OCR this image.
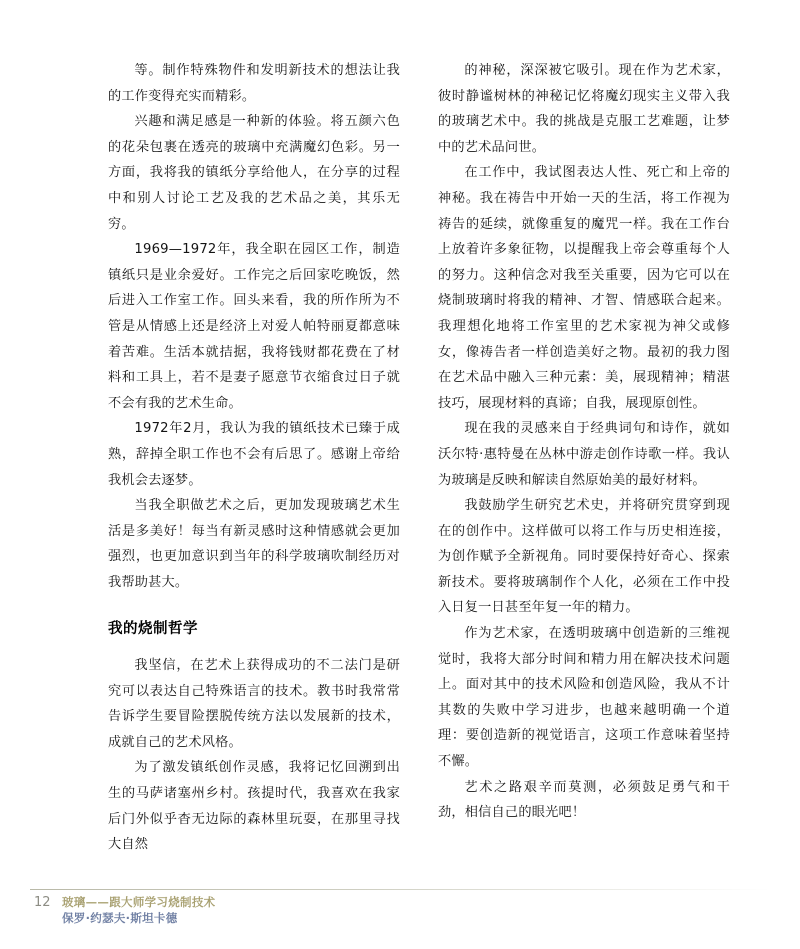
等。制作特殊物件和发明新技术的想法让我的工作变得充实而精彩。

兴趣和满足感是一种新的体验。将五颜六色的花朵包裹在透亮的玻璃中充满魔幻色彩。另一方面，我将我的镇纸分享给他人，在分享的过程中和别人讨论工艺及我的艺术品之美，其乐无穷。

1969—1972年，我全职在园区工作，制造镇纸只是业余爱好。工作完之后回家吃晚饭，然后进入工作室工作。回头来看，我的所作所为不管是从情感上还是经济上对爱人帕特丽夏都意味着苦难。生活本就拮据，我将钱财都花费在了材料和工具上，若不是妻子愿意节衣缩食过日子就不会有我的艺术生命。

1972年2月，我认为我的镇纸技术已臻于成熟，辞掉全职工作也不会有后思了。感谢上帝给我机会去逐梦。

当我全职做艺术之后，更加发现玻璃艺术生活是多美好！每当有新灵感时这种情感就会更加强烈，也更加意识到当年的科学玻璃吹制经历对我帮助甚大。

我的烧制哲学

我坚信，在艺术上获得成功的不二法门是研究可以表达自己特殊语言的技术。教书时我常常告诉学生要冒险摆脱传统方法以发展新的技术，成就自己的艺术风格。

为了激发镇纸创作灵感，我将记忆回溯到出生的马萨诸塞州乡村。孩提时代，我喜欢在我家后门外似乎杳无边际的森林里玩耍，在那里寻找大自然

的神秘，深深被它吸引。现在作为艺术家，彼时静谧树林的神秘记忆将魔幻现实主义带入我的玻璃艺术中。我的挑战是克服工艺难题，让梦中的艺术品问世。

在工作中，我试图表达人性、死亡和上帝的神秘。我在祷告中开始一天的生活，将工作视为祷告的延续，就像重复的魔咒一样。我在工作台上放着许多象征物，以提醒我上帝会尊重每个人的努力。这种信念对我至关重要，因为它可以在烧制玻璃时将我的精神、才智、情感联合起来。我理想化地将工作室里的艺术家视为神父或修女，像祷告者一样创造美好之物。最初的我力图在艺术品中融入三种元素：美，展现精神；精湛技巧，展现材料的真谛；自我，展现原创性。

现在我的灵感来自于经典词句和诗作，就如沃尔特·惠特曼在丛林中游走创作诗歌一样。我认为玻璃是反映和解读自然原始美的最好材料。

我鼓励学生研究艺术史，并将研究贯穿到现在的创作中。这样做可以将工作与历史相连接，为创作赋予全新视角。同时要保持好奇心、探索新技术。要将玻璃制作个人化，必须在工作中投入日复一日甚至年复一年的精力。

作为艺术家，在透明玻璃中创造新的三维视觉时，我将大部分时间和精力用在解决技术问题上。面对其中的技术风险和创造风险，我从不计其数的失败中学习进步，也越来越明确一个道理：要创造新的视觉语言，这项工作意味着坚持不懈。

艺术之路艰辛而莫测，必须鼓足勇气和干劲，相信自己的眼光吧！

12 玻璃——跟大师学习烧制技术
保罗·约瑟夫·斯坦卡德
